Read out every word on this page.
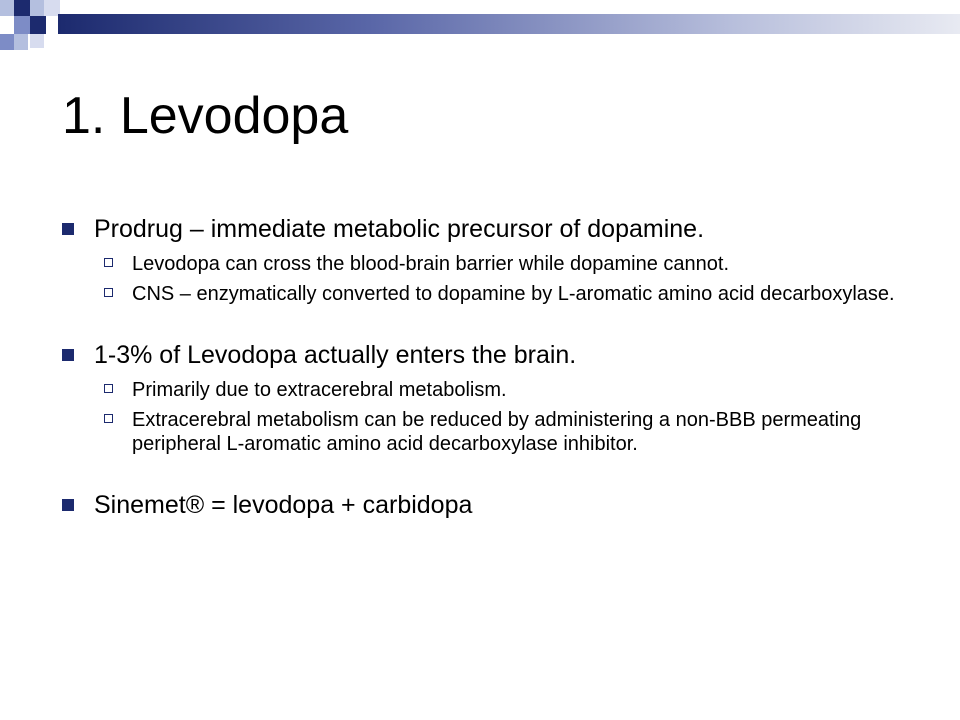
1. Levodopa
Prodrug – immediate metabolic precursor of dopamine.
Levodopa can cross the blood-brain barrier while dopamine cannot.
CNS – enzymatically converted to dopamine by L-aromatic amino acid decarboxylase.
1-3% of Levodopa actually enters the brain.
Primarily due to extracerebral metabolism.
Extracerebral metabolism can be reduced by administering a non-BBB permeating peripheral L-aromatic amino acid decarboxylase inhibitor.
Sinemet® = levodopa + carbidopa
